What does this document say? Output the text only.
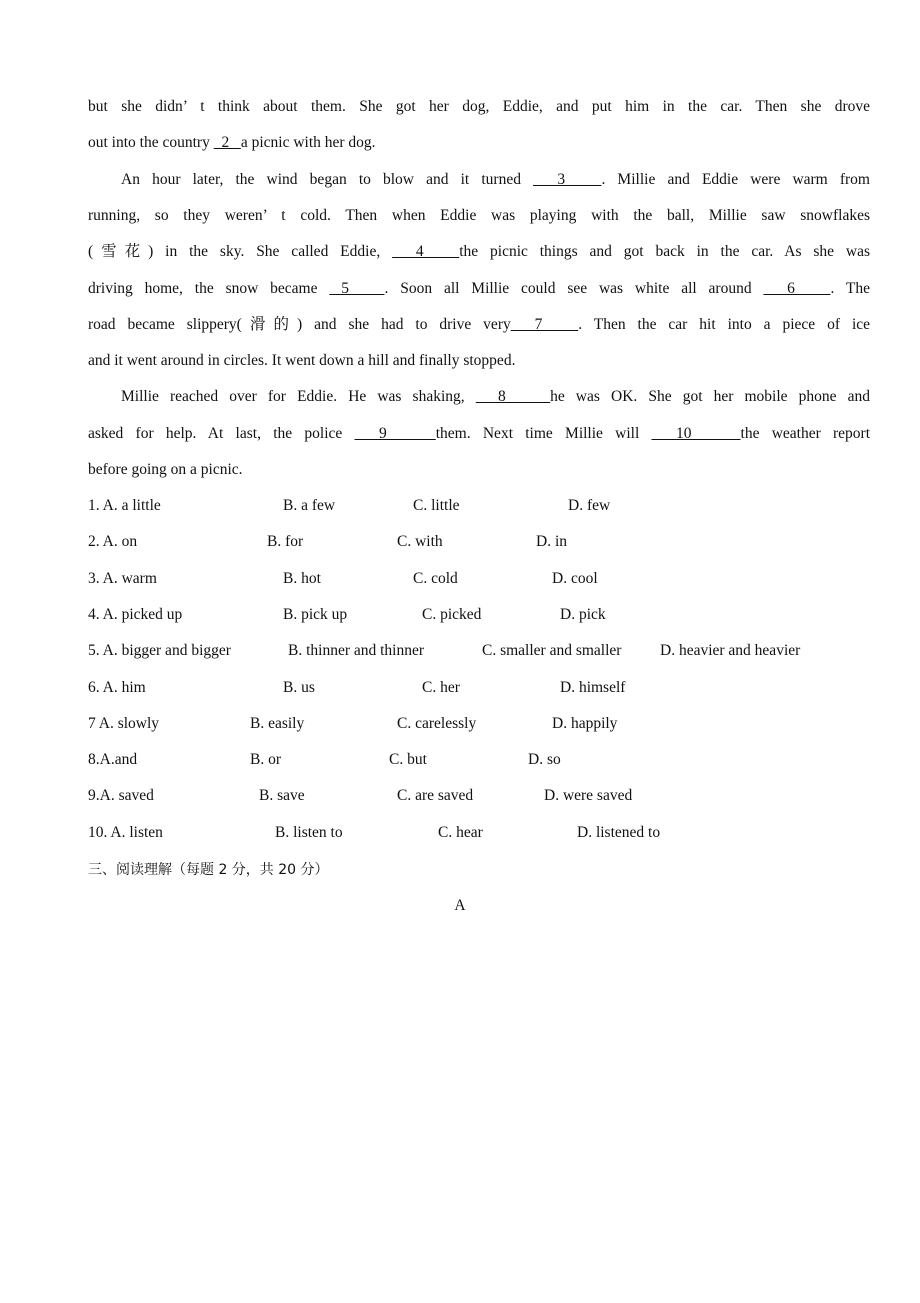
but she didn’ t think about them. She got her dog, Eddie, and put him in the car. Then she drove
out into the country   2   a picnic with her dog.
An hour later, the wind began to blow and it turned   3   . Millie and Eddie were warm from
running, so they weren’ t cold. Then when Eddie was playing with the ball, Millie saw snowflakes
(雪花) in the sky. She called Eddie,   4   the picnic things and got back in the car. As she was
driving home, the snow became  5   . Soon all Millie could see was white all around   6   . The
road became slippery(滑的) and she had to drive very  7   . Then the car hit into a piece of ice
and it went around in circles. It went down a hill and finally stopped.
Millie reached over for Eddie. He was shaking,   8    he was OK. She got her mobile phone and
asked for help. At last, the police   9    them. Next time Millie will   10    the weather report
before going on a picnic.
1. A. a little	B. a few	C. little	D. few
2. A. on	B. for	C. with	D. in
3. A. warm	B. hot	C. cold	D. cool
4. A. picked up	B. pick up	C. picked	D. pick
5. A. bigger and bigger	B. thinner and thinner	C. smaller and smaller D. heavier and heavier
6. A. him	B. us	C. her	D. himself
7 A. slowly	B. easily	C. carelessly	D. happily
8.A.and	B. or	C. but	D. so
9.A. saved	B. save	C. are saved	D. were saved
10. A. listen	B. listen to	C. hear	D. listened to
三、阅读理解（每题 2 分，共 20 分）
A
